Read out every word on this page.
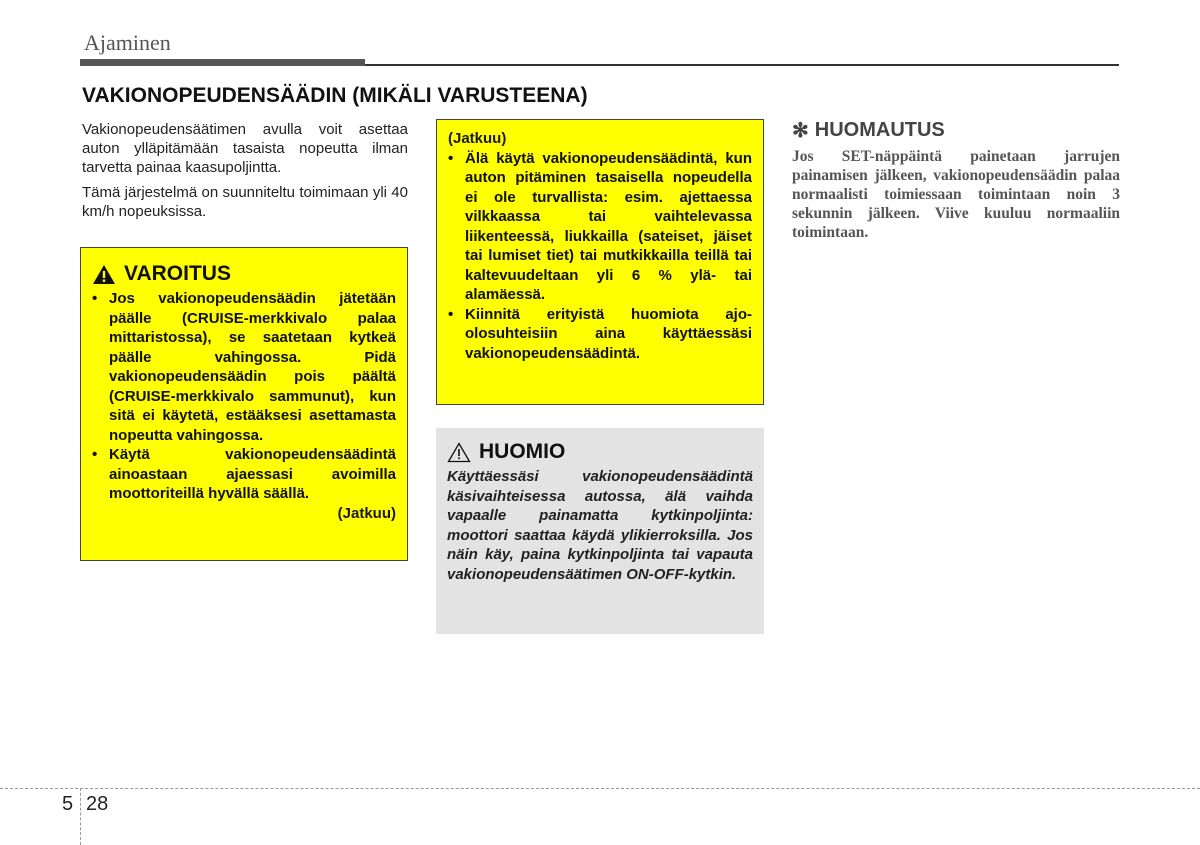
Ajaminen
VAKIONOPEUDENSÄÄDIN (MIKÄLI VARUSTEENA)

Vakionopeudensäätimen avulla voit asettaa auton ylläpitämään tasaista nopeutta ilman tarvetta painaa kaasupoljintta.

Tämä järjestelmä on suunniteltu toimimaan yli 40 km/h nopeuksissa.

VAROITUS
• Jos vakionopeudensäädin jätetään päälle (CRUISE-merkkivalo palaa mittaristossa), se saatetaan kytkeä päälle vahingossa. Pidä vakionopeudensäädin pois päältä (CRUISE-merkkivalo sammunut), kun sitä ei käytetä, estääksesi asettamasta nopeutta vahingossa.
• Käytä vakionopeudensäädintä ainoastaan ajaessasi avoimilla moottoriteillä hyvällä säällä.
(Jatkuu)
(Jatkuu)
• Älä käytä vakionopeudensäädintä, kun auton pitäminen tasaisella nopeudella ei ole turvallista: esim. ajettaessa vilkkaassa tai vaihtelevassa liikenteessä, liukkailla (sateiset, jäiset tai lumiset tiet) tai mutkikkailla teillä tai kaltevuudeltaan yli 6 % ylä- tai alamäessä.
• Kiinnitä erityistä huomiota ajo-olosuhteisiin aina käyttäessäsi vakionopeudensäädintä.
HUOMIO
Käyttäessäsi vakionopeudensäädintä käsivaihteisessa autossa, älä vaihda vapaalle painamatta kytkinpoljinta: moottori saattaa käydä ylikierroksilla. Jos näin käy, paina kytkinpoljinta tai vapauta vakionopeudensäätimen ON-OFF-kytkin.
✻ HUOMAUTUS
Jos SET-näppäintä painetaan jarrujen painamisen jälkeen, vakionopeudensäädin palaa normaalisti toimiessaan toimintaan noin 3 sekunnin jälkeen. Viive kuuluu normaaliin toimintaan.
5 28
